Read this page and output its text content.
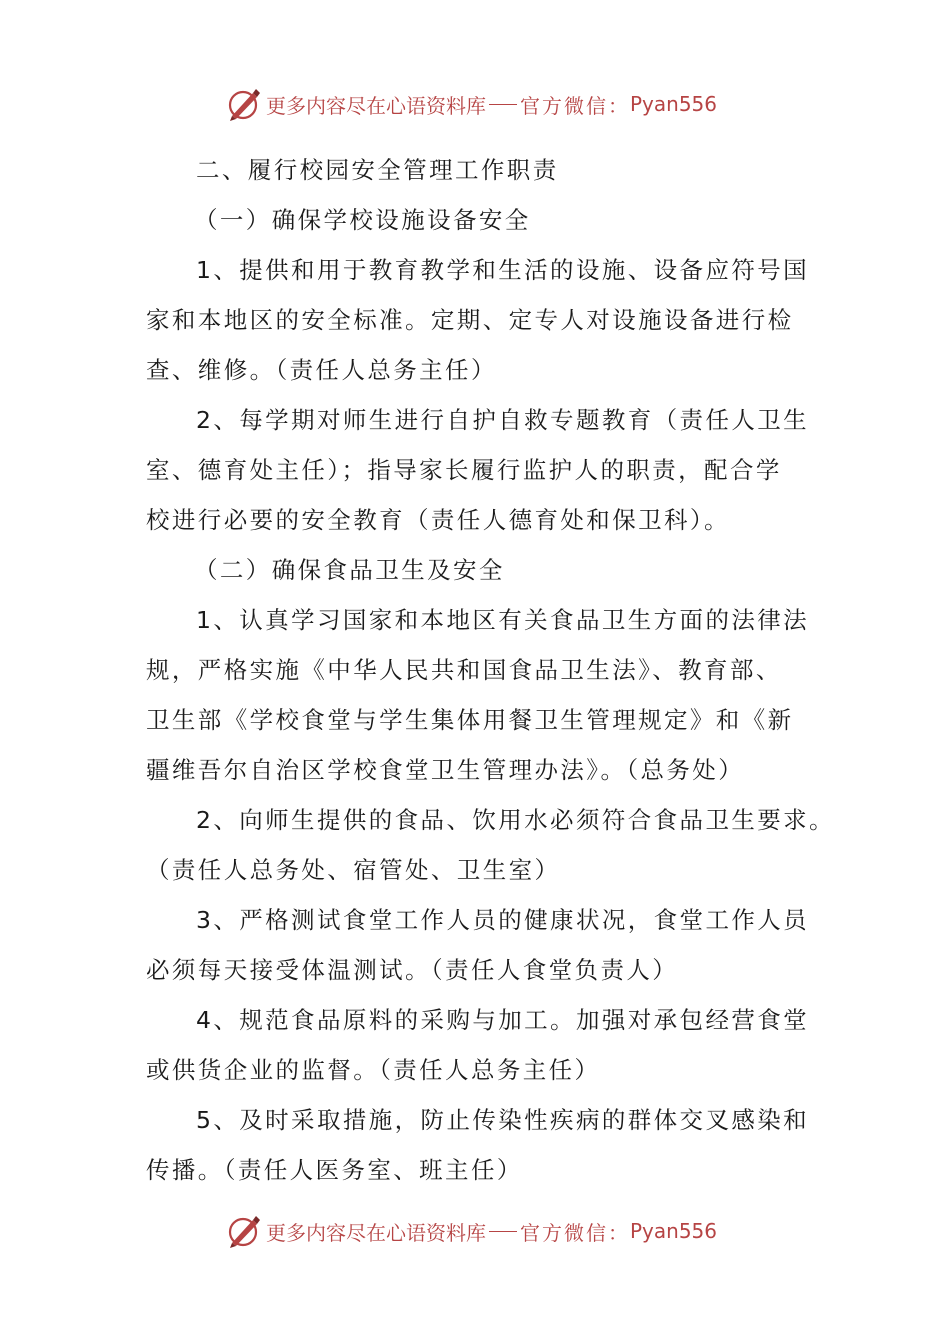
更多内容尽在心语资料库 官方微信： Pyan556
二、履行校园安全管理工作职责
（一）确保学校设施设备安全
1、提供和用于教育教学和生活的设施、设备应符号国
家和本地区的安全标准。定期、定专人对设施设备进行检
查、维修。（责任人总务主任）
2、每学期对师生进行自护自救专题教育（责任人卫生
室、德育处主任）；指导家长履行监护人的职责，配合学
校进行必要的安全教育（责任人德育处和保卫科）。
（二）确保食品卫生及安全
1、认真学习国家和本地区有关食品卫生方面的法律法
规，严格实施《中华人民共和国食品卫生法》、教育部、
卫生部《学校食堂与学生集体用餐卫生管理规定》和《新
疆维吾尔自治区学校食堂卫生管理办法》。（总务处）
2、向师生提供的食品、饮用水必须符合食品卫生要求。
（责任人总务处、宿管处、卫生室）
3、严格测试食堂工作人员的健康状况，食堂工作人员
必须每天接受体温测试。（责任人食堂负责人）
4、规范食品原料的采购与加工。加强对承包经营食堂
或供货企业的监督。（责任人总务主任）
5、及时采取措施，防止传染性疾病的群体交叉感染和
传播。（责任人医务室、班主任）
更多内容尽在心语资料库 官方微信： Pyan556
